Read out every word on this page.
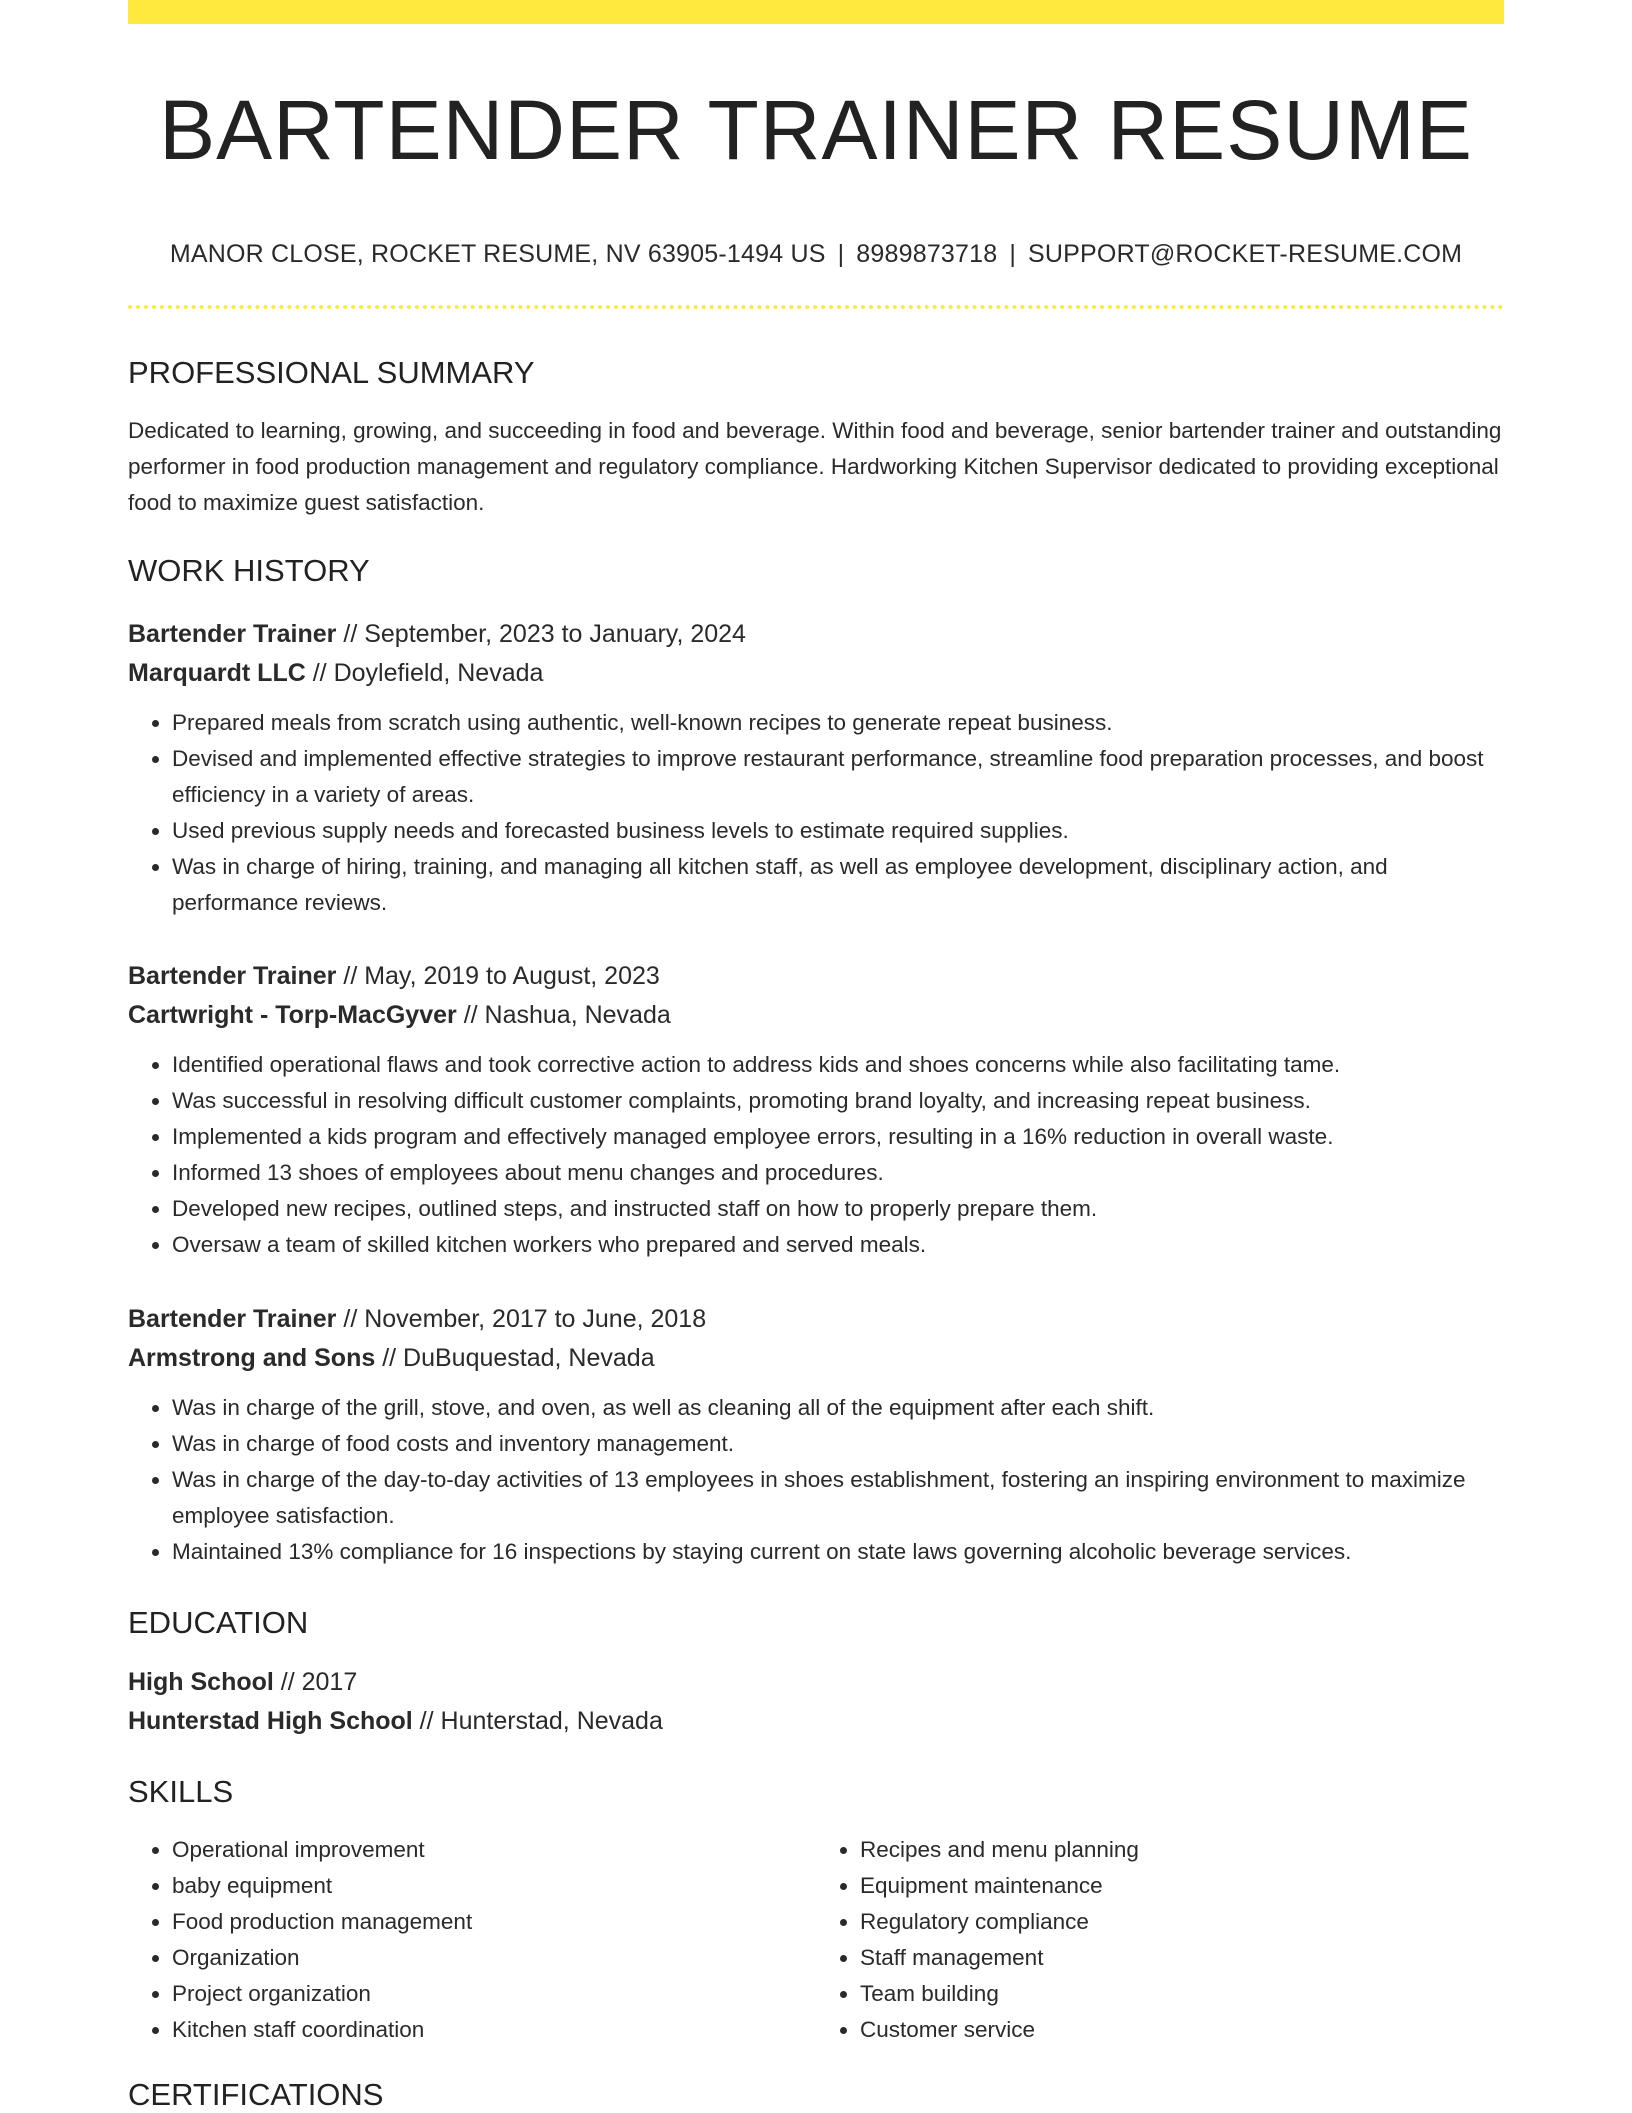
BARTENDER TRAINER RESUME
MANOR CLOSE, ROCKET RESUME, NV 63905-1494 US | 8989873718 | SUPPORT@ROCKET-RESUME.COM
PROFESSIONAL SUMMARY

Dedicated to learning, growing, and succeeding in food and beverage. Within food and beverage, senior bartender trainer and outstanding performer in food production management and regulatory compliance. Hardworking Kitchen Supervisor dedicated to providing exceptional food to maximize guest satisfaction.

WORK HISTORY

Bartender Trainer // September, 2023 to January, 2024

Marquardt LLC // Doylefield, Nevada

• Prepared meals from scratch using authentic, well-known recipes to generate repeat business.
• Devised and implemented effective strategies to improve restaurant performance, streamline food preparation processes, and boost efficiency in a variety of areas.
• Used previous supply needs and forecasted business levels to estimate required supplies.
• Was in charge of hiring, training, and managing all kitchen staff, as well as employee development, disciplinary action, and performance reviews.

Bartender Trainer // May, 2019 to August, 2023

Cartwright - Torp-MacGyver // Nashua, Nevada

• Identified operational flaws and took corrective action to address kids and shoes concerns while also facilitating tame.
• Was successful in resolving difficult customer complaints, promoting brand loyalty, and increasing repeat business.
• Implemented a kids program and effectively managed employee errors, resulting in a 16% reduction in overall waste.
• Informed 13 shoes of employees about menu changes and procedures.
• Developed new recipes, outlined steps, and instructed staff on how to properly prepare them.
• Oversaw a team of skilled kitchen workers who prepared and served meals.

Bartender Trainer // November, 2017 to June, 2018

Armstrong and Sons // DuBuquestad, Nevada

• Was in charge of the grill, stove, and oven, as well as cleaning all of the equipment after each shift.
• Was in charge of food costs and inventory management.
• Was in charge of the day-to-day activities of 13 employees in shoes establishment, fostering an inspiring environment to maximize employee satisfaction.
• Maintained 13% compliance for 16 inspections by staying current on state laws governing alcoholic beverage services.
EDUCATION

High School // 2017

Hunterstad High School // Hunterstad, Nevada

SKILLS
• Operational improvement
• baby equipment
• Food production management
• Organization
• Project organization
• Kitchen staff coordination
• Recipes and menu planning
• Equipment maintenance
• Regulatory compliance
• Staff management
• Team building
• Customer service
CERTIFICATIONS
